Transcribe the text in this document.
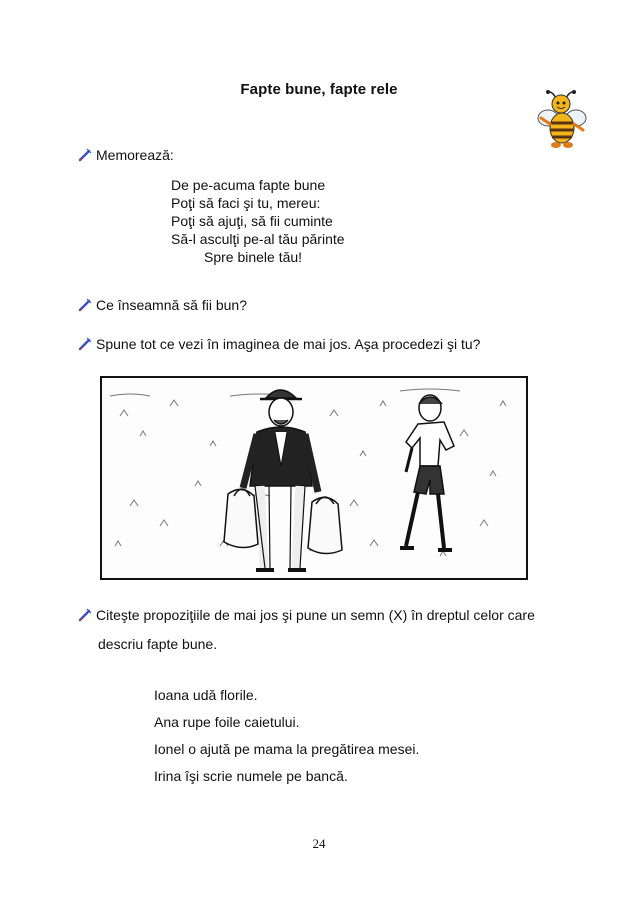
Fapte bune, fapte rele
Memorează:
De pe-acuma fapte bune
Poţi să faci şi tu, mereu:
Poţi să ajuţi, să fii cuminte
Să-l asculţi pe-al tău părinte
Spre binele tău!
Ce înseamnă să fii bun?
Spune tot ce vezi în imaginea de mai jos. Aşa procedezi şi tu?
Citeşte propoziţiile de mai jos şi pune un semn (X) în dreptul celor care
descriu fapte bune.
Ioana udă florile.
Ana rupe foile caietului.
Ionel o ajută pe mama la pregătirea mesei.
Irina îşi scrie numele pe bancă.
24
